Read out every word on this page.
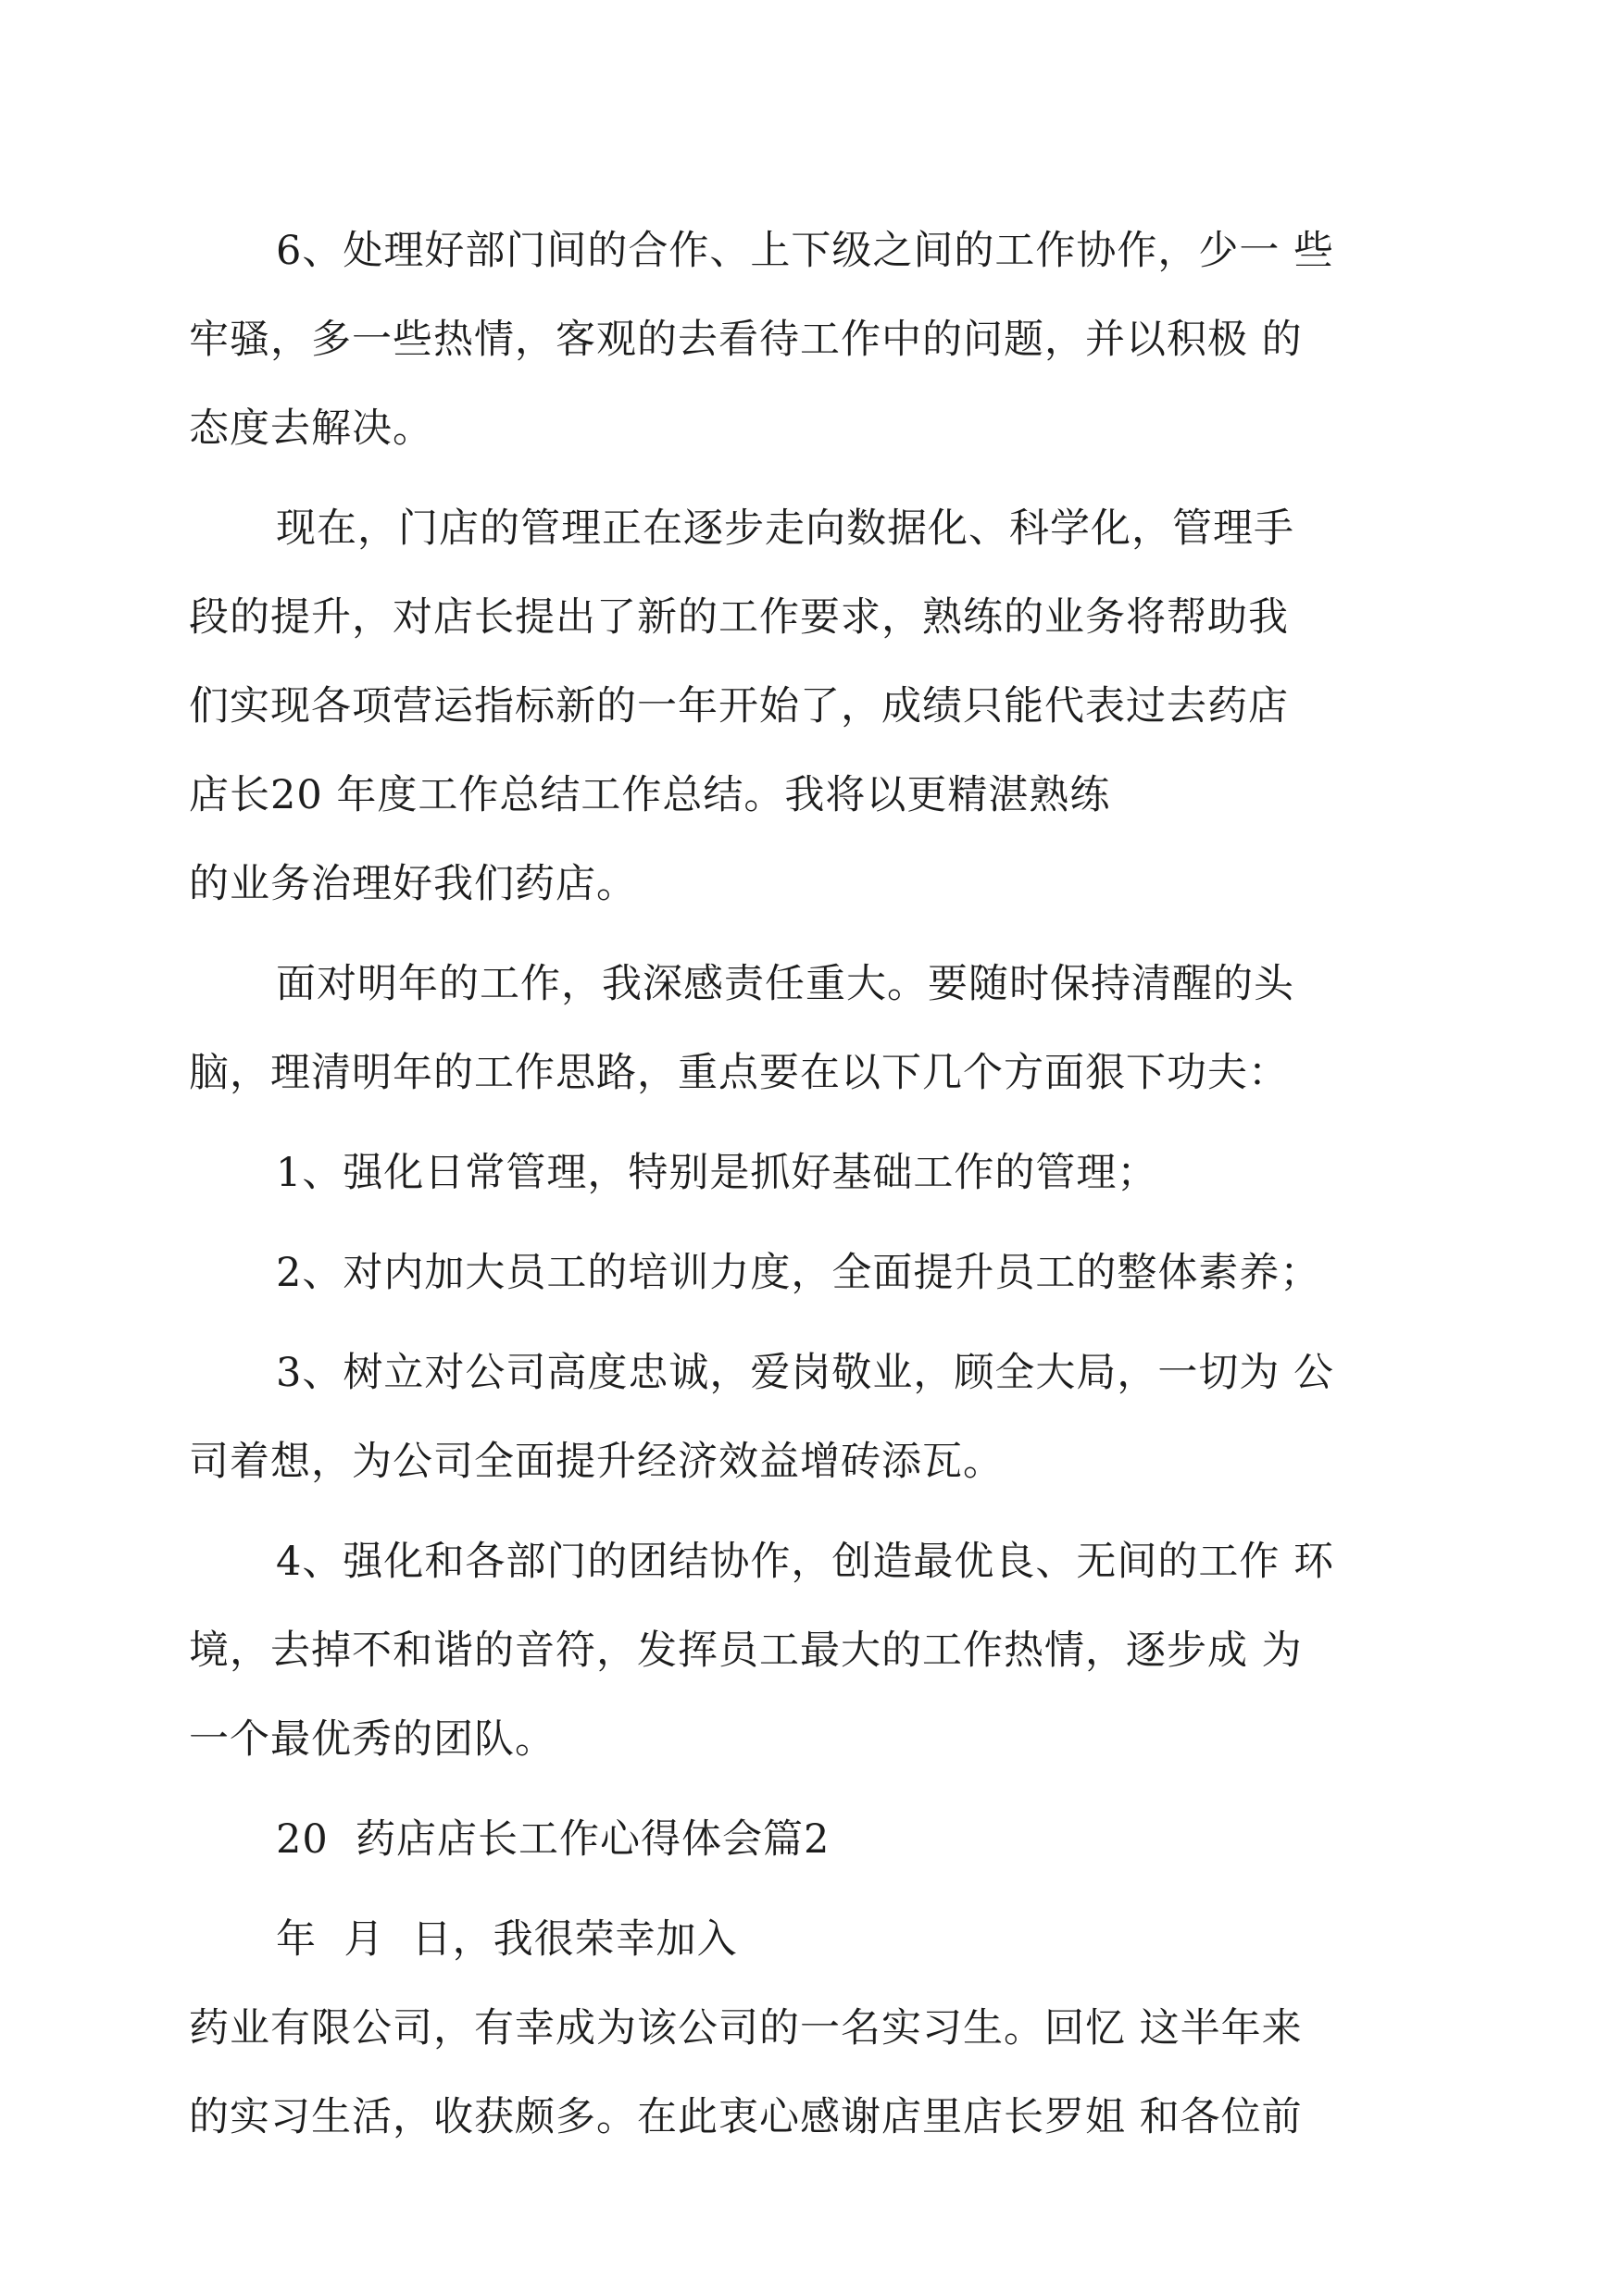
6、处理好部门间的合作、上下级之间的工作协作，少一 些
牢骚，多一些热情，客观的去看待工作中的问题，并以积极 的
态度去解决。
现在，门店的管理正在逐步走向数据化、科学化，管理手
段的提升，对店长提出了新的工作要求，熟练的业务将帮助我
们实现各项营运指标新的一年开始了，成绩只能代表过去药店
店长20 年度工作总结工作总结。我将以更精湛熟练
的业务治理好我们药店。
面对明年的工作，我深感责任重大。要随时保持清醒的头
脑，理清明年的工作思路，重点要在以下几个方面狠下功夫：
1、强化日常管理，特别是抓好基础工作的管理；
2、对内加大员工的培训力度，全面提升员工的整体素养；
3、树立对公司高度忠诚，爱岗敬业，顾全大局，一切为 公
司着想，为公司全面提升经济效益增砖添瓦。
4、强化和各部门的团结协作，创造最优良、无间的工作 环
境，去掉不和谐的音符，发挥员工最大的工作热情，逐步成 为
一个最优秀的团队。
20  药店店长工作心得体会篇2
年  月  日，我很荣幸加入
药业有限公司，有幸成为该公司的一名实习生。回忆 这半年来
的实习生活，收获颇多。在此衷心感谢店里店长罗姐 和各位前
